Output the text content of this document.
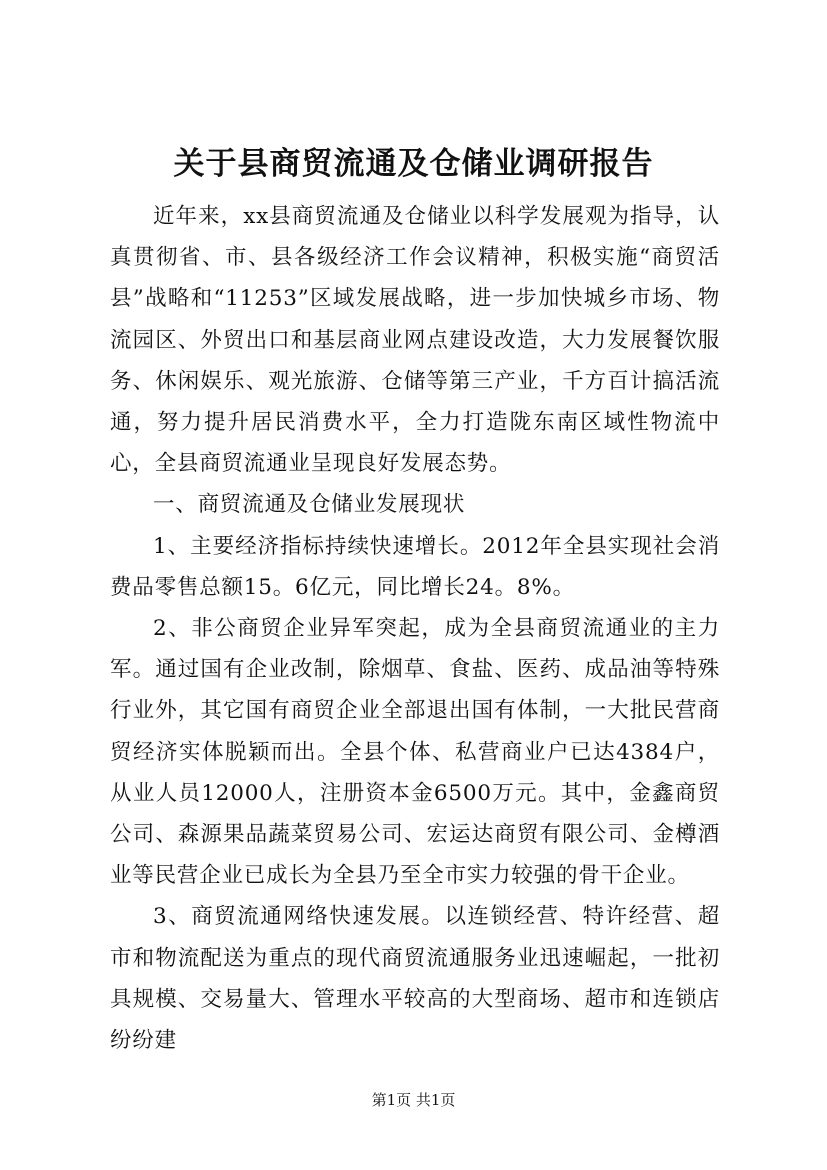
关于县商贸流通及仓储业调研报告

近年来，xx县商贸流通及仓储业以科学发展观为指导，认真贯彻省、市、县各级经济工作会议精神，积极实施“商贸活县”战略和“11253”区域发展战略，进一步加快城乡市场、物流园区、外贸出口和基层商业网点建设改造，大力发展餐饮服务、休闲娱乐、观光旅游、仓储等第三产业，千方百计搞活流通，努力提升居民消费水平，全力打造陇东南区域性物流中心，全县商贸流通业呈现良好发展态势。

一、商贸流通及仓储业发展现状

1、主要经济指标持续快速增长。2012年全县实现社会消费品零售总额15。6亿元，同比增长24。8%。

2、非公商贸企业异军突起，成为全县商贸流通业的主力军。通过国有企业改制，除烟草、食盐、医药、成品油等特殊行业外，其它国有商贸企业全部退出国有体制，一大批民营商贸经济实体脱颖而出。全县个体、私营商业户已达4384户，从业人员12000人，注册资本金6500万元。其中，金鑫商贸公司、森源果品蔬菜贸易公司、宏运达商贸有限公司、金樽酒业等民营企业已成长为全县乃至全市实力较强的骨干企业。

3、商贸流通网络快速发展。以连锁经营、特许经营、超市和物流配送为重点的现代商贸流通服务业迅速崛起，一批初具规模、交易量大、管理水平较高的大型商场、超市和连锁店纷纷建

第1页 共1页
